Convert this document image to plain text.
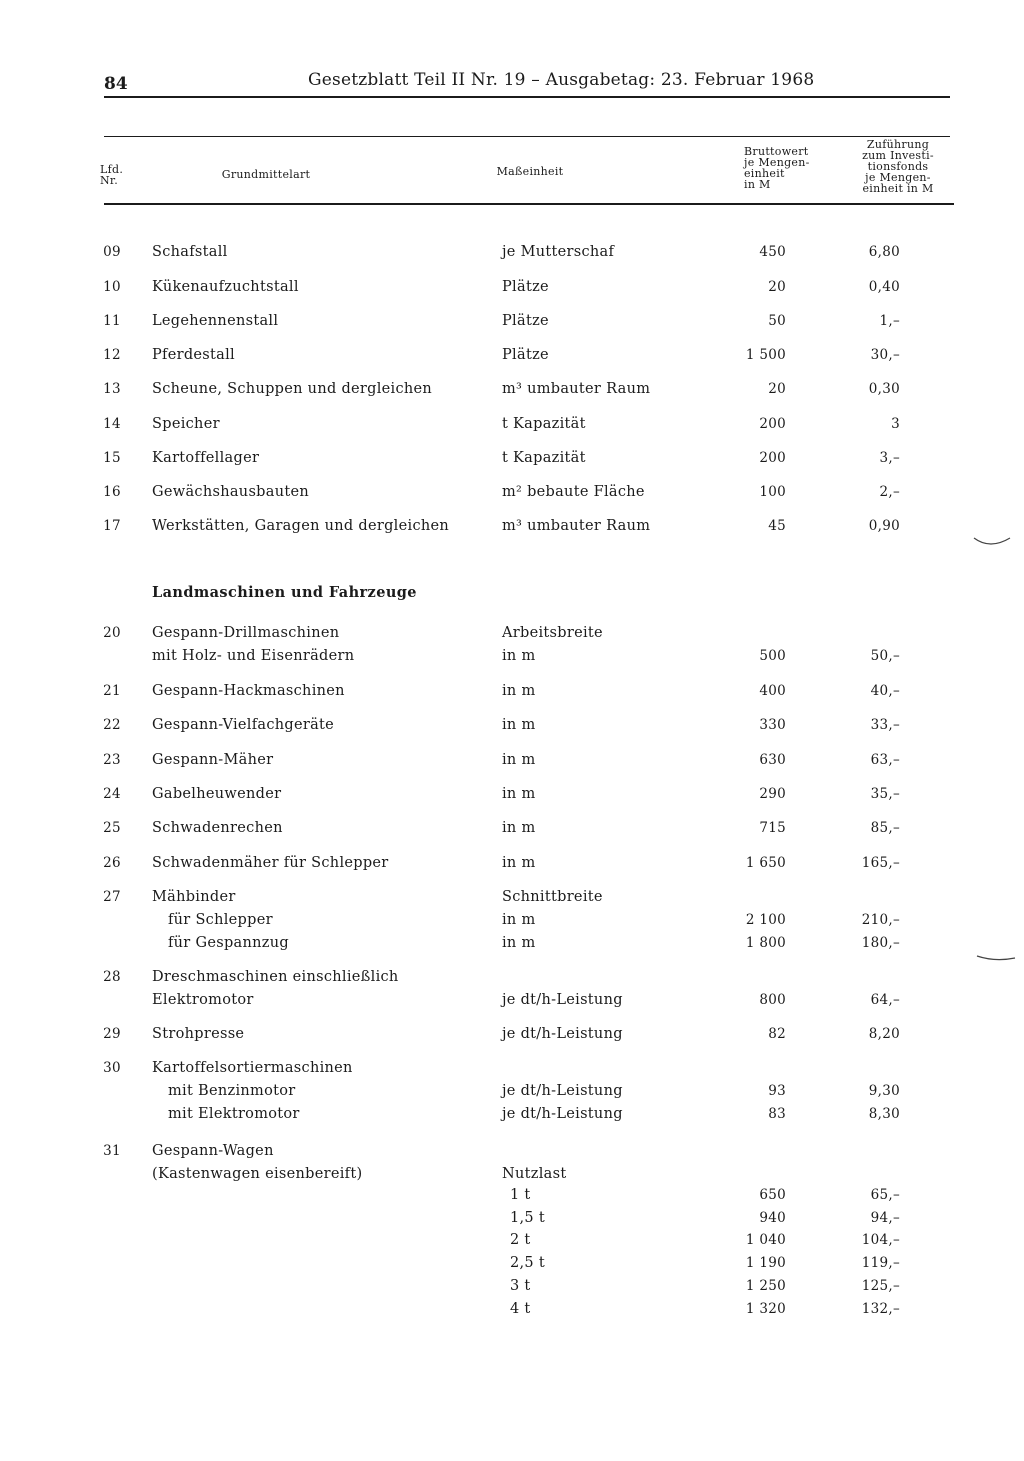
84	Gesetzblatt Teil II Nr. 19 – Ausgabetag: 23. Februar 1968
Lfd.
Nr.	Grundmittelart	Maßeinheit
Bruttowert
je Mengen-
einheit
in M
Zuführung
zum Investi-
tionsfonds
je Mengen-
einheit in M
09	Schafstall	je Mutterschaf	450	6,80
10	Kükenaufzuchtstall	Plätze	20	0,40
11	Legehennenstall	Plätze	50	1,–
12	Pferdestall	Plätze	1 500	30,–
13	Scheune, Schuppen und dergleichen	m³ umbauter Raum	20	0,30
14	Speicher	t Kapazität	200	3
15	Kartoffellager	t Kapazität	200	3,–
16	Gewächshausbauten	m² bebaute Fläche	100	2,–
17	Werkstätten, Garagen und dergleichen	m³ umbauter Raum	45	0,90
Landmaschinen und Fahrzeuge
20	Gespann-Drillmaschinen	Arbeitsbreite
mit Holz- und Eisenrädern	in m	500	50,–
21	Gespann-Hackmaschinen	in m	400	40,–
22	Gespann-Vielfachgeräte	in m	330	33,–
23	Gespann-Mäher	in m	630	63,–
24	Gabelheuwender	in m	290	35,–
25	Schwadenrechen	in m	715	85,–
26	Schwadenmäher für Schlepper	in m	1 650	165,–
27	Mähbinder	Schnittbreite
für Schlepper	in m	2 100	210,–
für Gespannzug	in m	1 800	180,–
28	Dreschmaschinen einschließlich
Elektromotor	je dt/h-Leistung	800	64,–
29	Strohpresse	je dt/h-Leistung	82	8,20
30	Kartoffelsortiermaschinen
mit Benzinmotor	je dt/h-Leistung	93	9,30
mit Elektromotor	je dt/h-Leistung	83	8,30
31	Gespann-Wagen
(Kastenwagen eisenbereift)	Nutzlast
1 t	650	65,–
1,5 t	940	94,–
2 t	1 040	104,–
2,5 t	1 190	119,–
3 t	1 250	125,–
4 t	1 320	132,–
